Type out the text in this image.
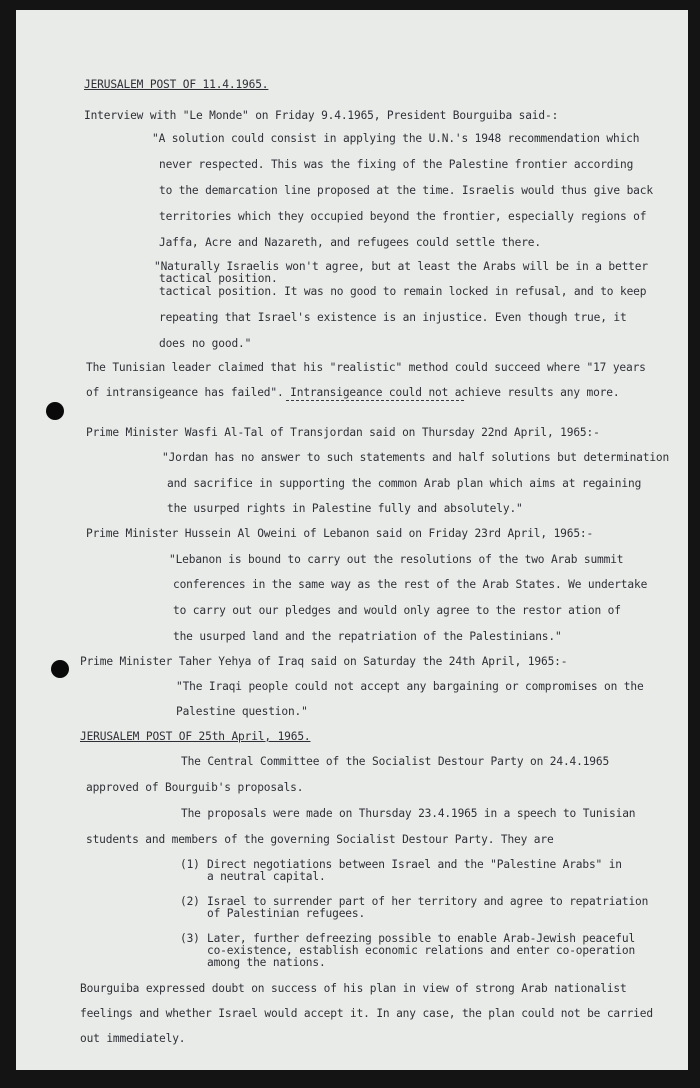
JERUSALEM POST OF 11.4.1965.
Interview with "Le Monde" on Friday 9.4.1965, President Bourguiba said-:
"A solution could consist in applying the U.N.'s 1948 recommendation which
never respected. This was the fixing of the Palestine frontier according
to the demarcation line proposed at the time. Israelis would thus give back
territories which they occupied beyond the frontier, especially regions of
Jaffa, Acre and Nazareth, and refugees could settle there.
"Naturally Israelis won't agree, but at least the Arabs will be in a better
tactical position.
tactical position. It was no good to remain locked in refusal, and to keep
repeating that Israel's existence is an injustice. Even though true, it
does no good."
The Tunisian leader claimed that his "realistic" method could succeed where "17 years
of intransigeance has failed". Intransigeance could not achieve results any more.
Prime Minister Wasfi Al-Tal of Transjordan said on Thursday 22nd April, 1965:-
"Jordan has no answer to such statements and half solutions but determination
and sacrifice in supporting the common Arab plan which aims at regaining
the usurped rights in Palestine fully and absolutely."
Prime Minister Hussein Al Oweini of Lebanon said on Friday 23rd April, 1965:-
"Lebanon is bound to carry out the resolutions of the two Arab summit
conferences in the same way as the rest of the Arab States. We undertake
to carry out our pledges and would only agree to the restor ation of
the usurped land and the repatriation of the Palestinians."
Prime Minister Taher Yehya of Iraq said on Saturday the 24th April, 1965:-
"The Iraqi people could not accept any bargaining or compromises on the
Palestine question."
JERUSALEM POST OF 25th April, 1965.
The Central Committee of the Socialist Destour Party on 24.4.1965
approved of Bourguib's proposals.
The proposals were made on Thursday 23.4.1965 in a speech to Tunisian
students and members of the governing Socialist Destour Party. They are
(1) Direct negotiations between Israel and the "Palestine Arabs" in
a neutral capital.
(2) Israel to surrender part of her territory and agree to repatriation
of Palestinian refugees.
(3) Later, further defreezing possible to enable Arab-Jewish peaceful
co-existence, establish economic relations and enter co-operation
among the nations.
Bourguiba expressed doubt on success of his plan in view of strong Arab nationalist
feelings and whether Israel would accept it. In any case, the plan could not be carried
out immediately.
